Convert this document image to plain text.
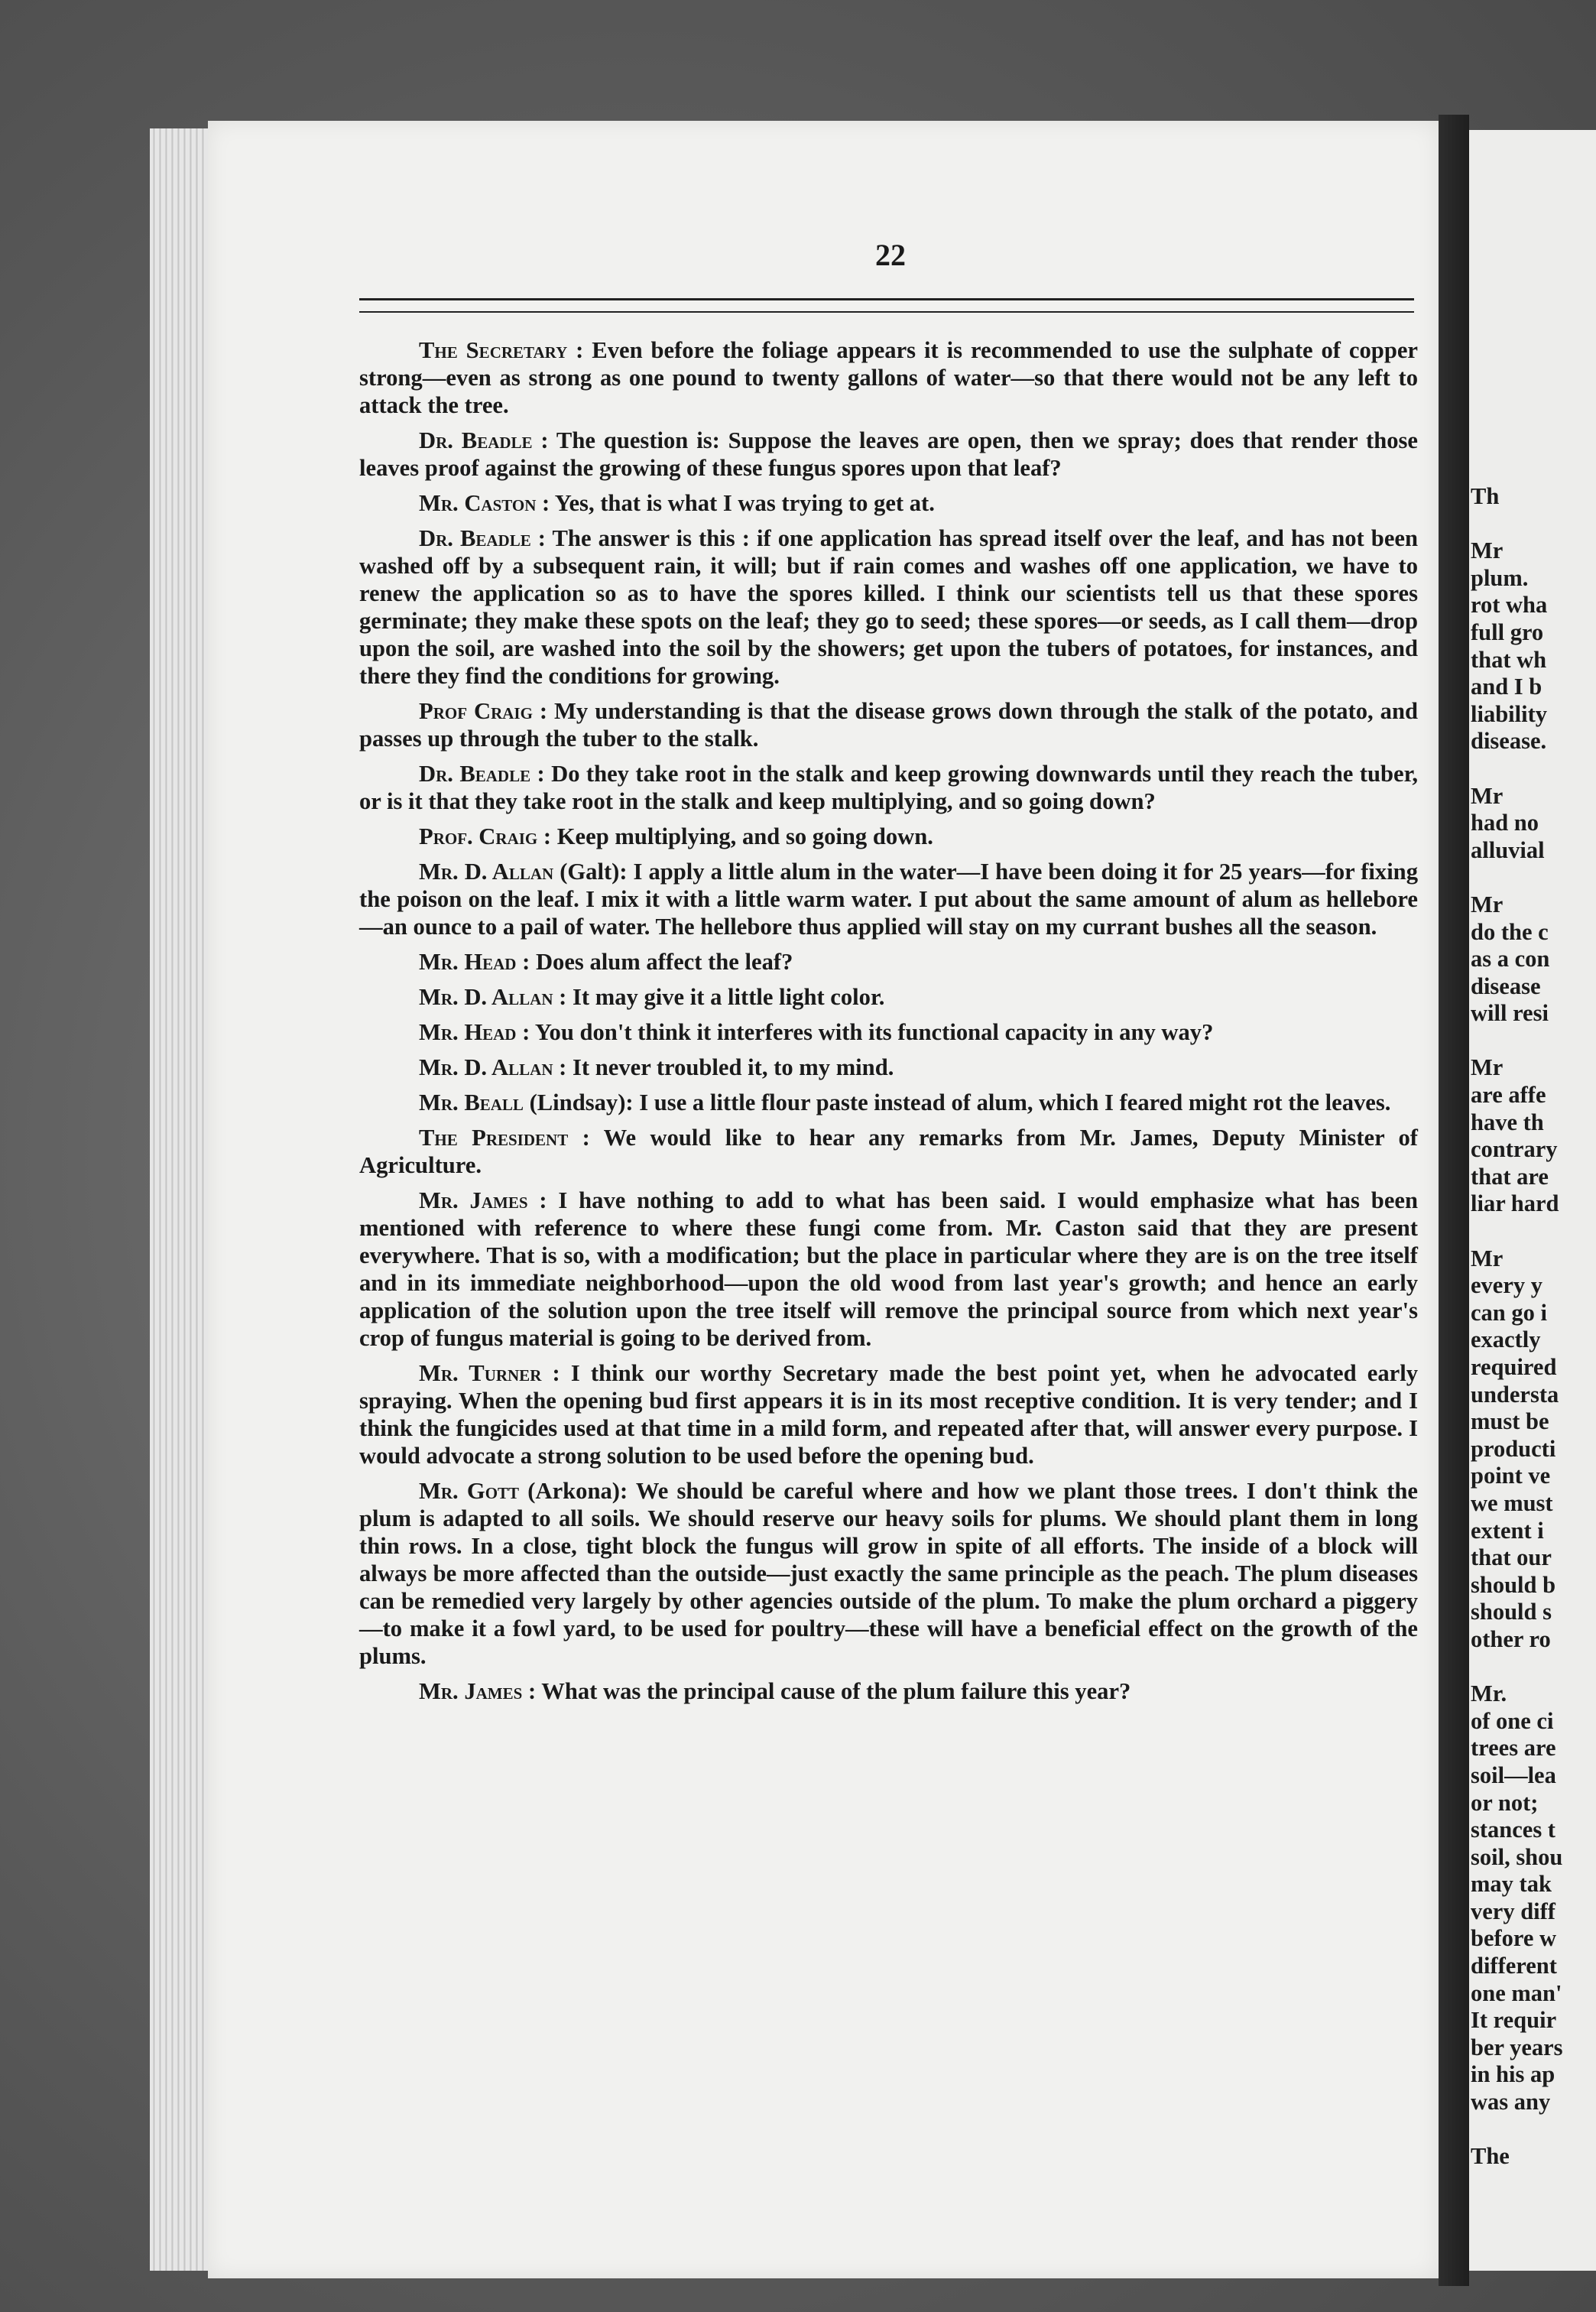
Th

Mr
plum.
rot wha
full gro
that wh
and I b
liability
disease.

Mr
had no
alluvial

Mr
do the c
as a con
disease
will resi

Mr
are affe
have th
contrary
that are
liar hard

Mr
every y
can go i
exactly
required
understa
must be
producti
point ve
we must
extent i
that our
should b
should s
other ro

Mr.
of one ci
trees are
soil—lea
or not;
stances t
soil, shou
may tak
very diff
before w
different
one man'
It requir
ber years
in his ap
was any

The
22

The Secretary : Even before the foliage appears it is recommended to use the sulphate of copper strong—even as strong as one pound to twenty gallons of water—so that there would not be any left to attack the tree.

Dr. Beadle : The question is: Suppose the leaves are open, then we spray; does that render those leaves proof against the growing of these fungus spores upon that leaf?

Mr. Caston : Yes, that is what I was trying to get at.

Dr. Beadle : The answer is this : if one application has spread itself over the leaf, and has not been washed off by a subsequent rain, it will; but if rain comes and washes off one application, we have to renew the application so as to have the spores killed. I think our scientists tell us that these spores germinate; they make these spots on the leaf; they go to seed; these spores—or seeds, as I call them—drop upon the soil, are washed into the soil by the showers; get upon the tubers of potatoes, for instances, and there they find the conditions for growing.

Prof Craig : My understanding is that the disease grows down through the stalk of the potato, and passes up through the tuber to the stalk.

Dr. Beadle : Do they take root in the stalk and keep growing downwards until they reach the tuber, or is it that they take root in the stalk and keep multiplying, and so going down?

Prof. Craig : Keep multiplying, and so going down.

Mr. D. Allan (Galt): I apply a little alum in the water—I have been doing it for 25 years—for fixing the poison on the leaf. I mix it with a little warm water. I put about the same amount of alum as hellebore—an ounce to a pail of water. The hellebore thus applied will stay on my currant bushes all the season.

Mr. Head : Does alum affect the leaf?

Mr. D. Allan : It may give it a little light color.

Mr. Head : You don't think it interferes with its functional capacity in any way?

Mr. D. Allan : It never troubled it, to my mind.

Mr. Beall (Lindsay): I use a little flour paste instead of alum, which I feared might rot the leaves.

The President : We would like to hear any remarks from Mr. James, Deputy Minister of Agriculture.

Mr. James : I have nothing to add to what has been said. I would emphasize what has been mentioned with reference to where these fungi come from. Mr. Caston said that they are present everywhere. That is so, with a modification; but the place in particular where they are is on the tree itself and in its immediate neighborhood—upon the old wood from last year's growth; and hence an early application of the solution upon the tree itself will remove the principal source from which next year's crop of fungus material is going to be derived from.

Mr. Turner : I think our worthy Secretary made the best point yet, when he advocated early spraying. When the opening bud first appears it is in its most receptive condition. It is very tender; and I think the fungicides used at that time in a mild form, and repeated after that, will answer every purpose. I would advocate a strong solution to be used before the opening bud.

Mr. Gott (Arkona): We should be careful where and how we plant those trees. I don't think the plum is adapted to all soils. We should reserve our heavy soils for plums. We should plant them in long thin rows. In a close, tight block the fungus will grow in spite of all efforts. The inside of a block will always be more affected than the outside—just exactly the same principle as the peach. The plum diseases can be remedied very largely by other agencies outside of the plum. To make the plum orchard a piggery—to make it a fowl yard, to be used for poultry—these will have a beneficial effect on the growth of the plums.

Mr. James : What was the principal cause of the plum failure this year?
